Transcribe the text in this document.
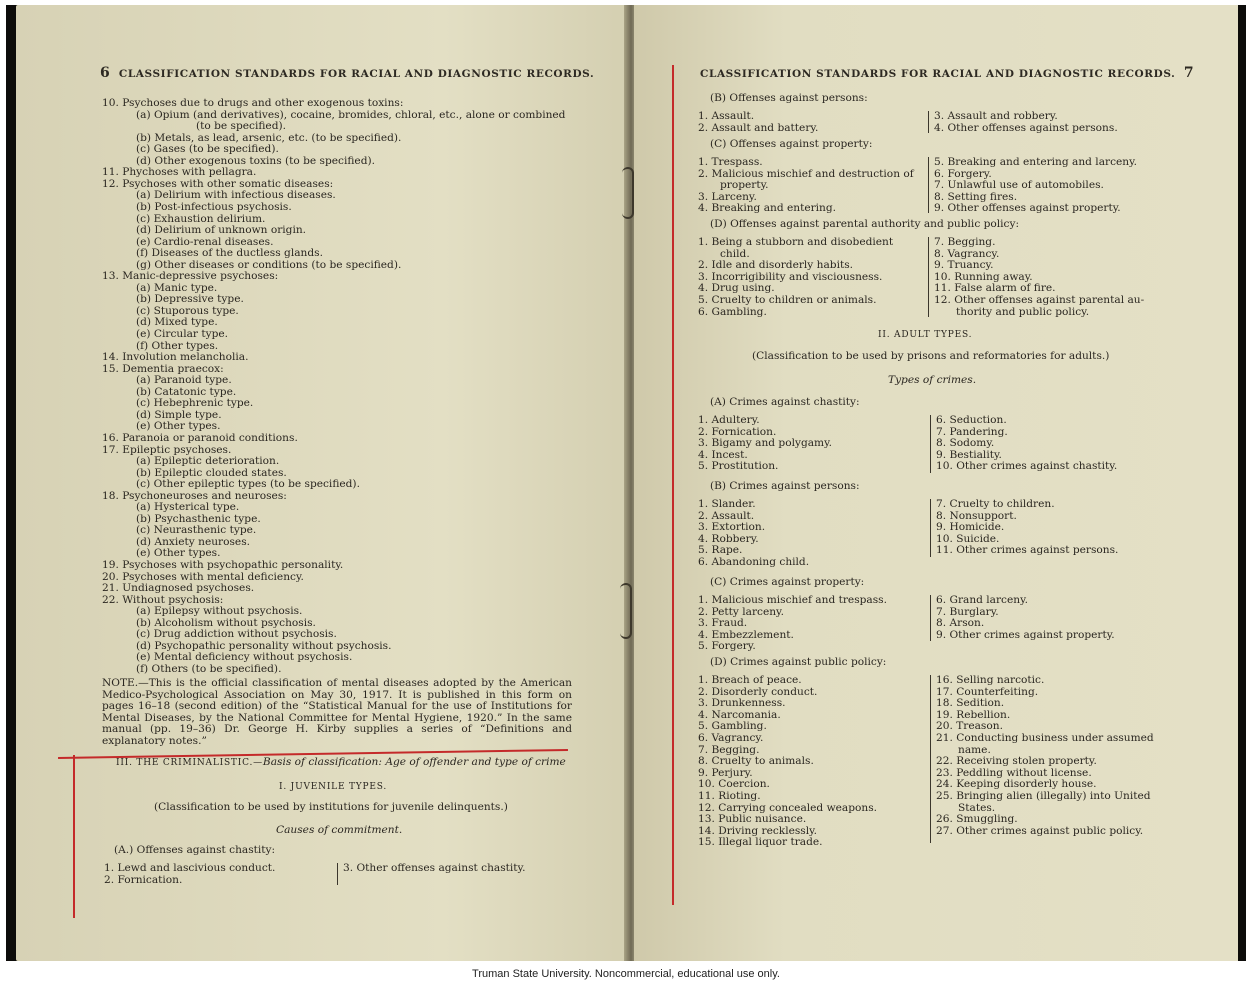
6 CLASSIFICATION STANDARDS FOR RACIAL AND DIAGNOSTIC RECORDS.
10. Psychoses due to drugs and other exogenous toxins:
(a) Opium (and derivatives), cocaine, bromides, chloral, etc., alone or combined
(to be specified).
(b) Metals, as lead, arsenic, etc. (to be specified).
(c) Gases (to be specified).
(d) Other exogenous toxins (to be specified).
11. Phychoses with pellagra.
12. Psychoses with other somatic diseases:
(a) Delirium with infectious diseases.
(b) Post-infectious psychosis.
(c) Exhaustion delirium.
(d) Delirium of unknown origin.
(e) Cardio-renal diseases.
(f) Diseases of the ductless glands.
(g) Other diseases or conditions (to be specified).
13. Manic-depressive psychoses:
(a) Manic type.
(b) Depressive type.
(c) Stuporous type.
(d) Mixed type.
(e) Circular type.
(f) Other types.
14. Involution melancholia.
15. Dementia praecox:
(a) Paranoid type.
(b) Catatonic type.
(c) Hebephrenic type.
(d) Simple type.
(e) Other types.
16. Paranoia or paranoid conditions.
17. Epileptic psychoses.
(a) Epileptic deterioration.
(b) Epileptic clouded states.
(c) Other epileptic types (to be specified).
18. Psychoneuroses and neuroses:
(a) Hysterical type.
(b) Psychasthenic type.
(c) Neurasthenic type.
(d) Anxiety neuroses.
(e) Other types.
19. Psychoses with psychopathic personality.
20. Psychoses with mental deficiency.
21. Undiagnosed psychoses.
22. Without psychosis:
(a) Epilepsy without psychosis.
(b) Alcoholism without psychosis.
(c) Drug addiction without psychosis.
(d) Psychopathic personality without psychosis.
(e) Mental deficiency without psychosis.
(f) Others (to be specified).
NOTE.—This is the official classification of mental diseases adopted by the American Medico-Psychological Association on May 30, 1917. It is published in this form on pages 16–18 (second edition) of the “Statistical Manual for the use of Institutions for Mental Diseases, by the National Committee for Mental Hygiene, 1920.” In the same manual (pp. 19–36) Dr. George H. Kirby supplies a series of “Definitions and explanatory notes.”
III. THE CRIMINALISTIC.—Basis of classification: Age of offender and type of crime
I. JUVENILE TYPES.
(Classification to be used by institutions for juvenile delinquents.)
Causes of commitment.
(A.) Offenses against chastity:
1. Lewd and lascivious conduct.
2. Fornication.
3. Other offenses against chastity.
CLASSIFICATION STANDARDS FOR RACIAL AND DIAGNOSTIC RECORDS. 7
(B) Offenses against persons:
1. Assault.
2. Assault and battery.
3. Assault and robbery.
4. Other offenses against persons.
(C) Offenses against property:
1. Trespass.
2. Malicious mischief and destruction of
property.
3. Larceny.
4. Breaking and entering.
5. Breaking and entering and larceny.
6. Forgery.
7. Unlawful use of automobiles.
8. Setting fires.
9. Other offenses against property.
(D) Offenses against parental authority and public policy:
1. Being a stubborn and disobedient
child.
2. Idle and disorderly habits.
3. Incorrigibility and visciousness.
4. Drug using.
5. Cruelty to children or animals.
6. Gambling.
7. Begging.
8. Vagrancy.
9. Truancy.
10. Running away.
11. False alarm of fire.
12. Other offenses against parental au-
thority and public policy.
II. ADULT TYPES.
(Classification to be used by prisons and reformatories for adults.)
Types of crimes.
(A) Crimes against chastity:
1. Adultery.
2. Fornication.
3. Bigamy and polygamy.
4. Incest.
5. Prostitution.
6. Seduction.
7. Pandering.
8. Sodomy.
9. Bestiality.
10. Other crimes against chastity.
(B) Crimes against persons:
1. Slander.
2. Assault.
3. Extortion.
4. Robbery.
5. Rape.
6. Abandoning child.
7. Cruelty to children.
8. Nonsupport.
9. Homicide.
10. Suicide.
11. Other crimes against persons.
(C) Crimes against property:
1. Malicious mischief and trespass.
2. Petty larceny.
3. Fraud.
4. Embezzlement.
5. Forgery.
6. Grand larceny.
7. Burglary.
8. Arson.
9. Other crimes against property.
(D) Crimes against public policy:
1. Breach of peace.
2. Disorderly conduct.
3. Drunkenness.
4. Narcomania.
5. Gambling.
6. Vagrancy.
7. Begging.
8. Cruelty to animals.
9. Perjury.
10. Coercion.
11. Rioting.
12. Carrying concealed weapons.
13. Public nuisance.
14. Driving recklessly.
15. Illegal liquor trade.
16. Selling narcotic.
17. Counterfeiting.
18. Sedition.
19. Rebellion.
20. Treason.
21. Conducting business under assumed
name.
22. Receiving stolen property.
23. Peddling without license.
24. Keeping disorderly house.
25. Bringing alien (illegally) into United
States.
26. Smuggling.
27. Other crimes against public policy.
Truman State University. Noncommercial, educational use only.
